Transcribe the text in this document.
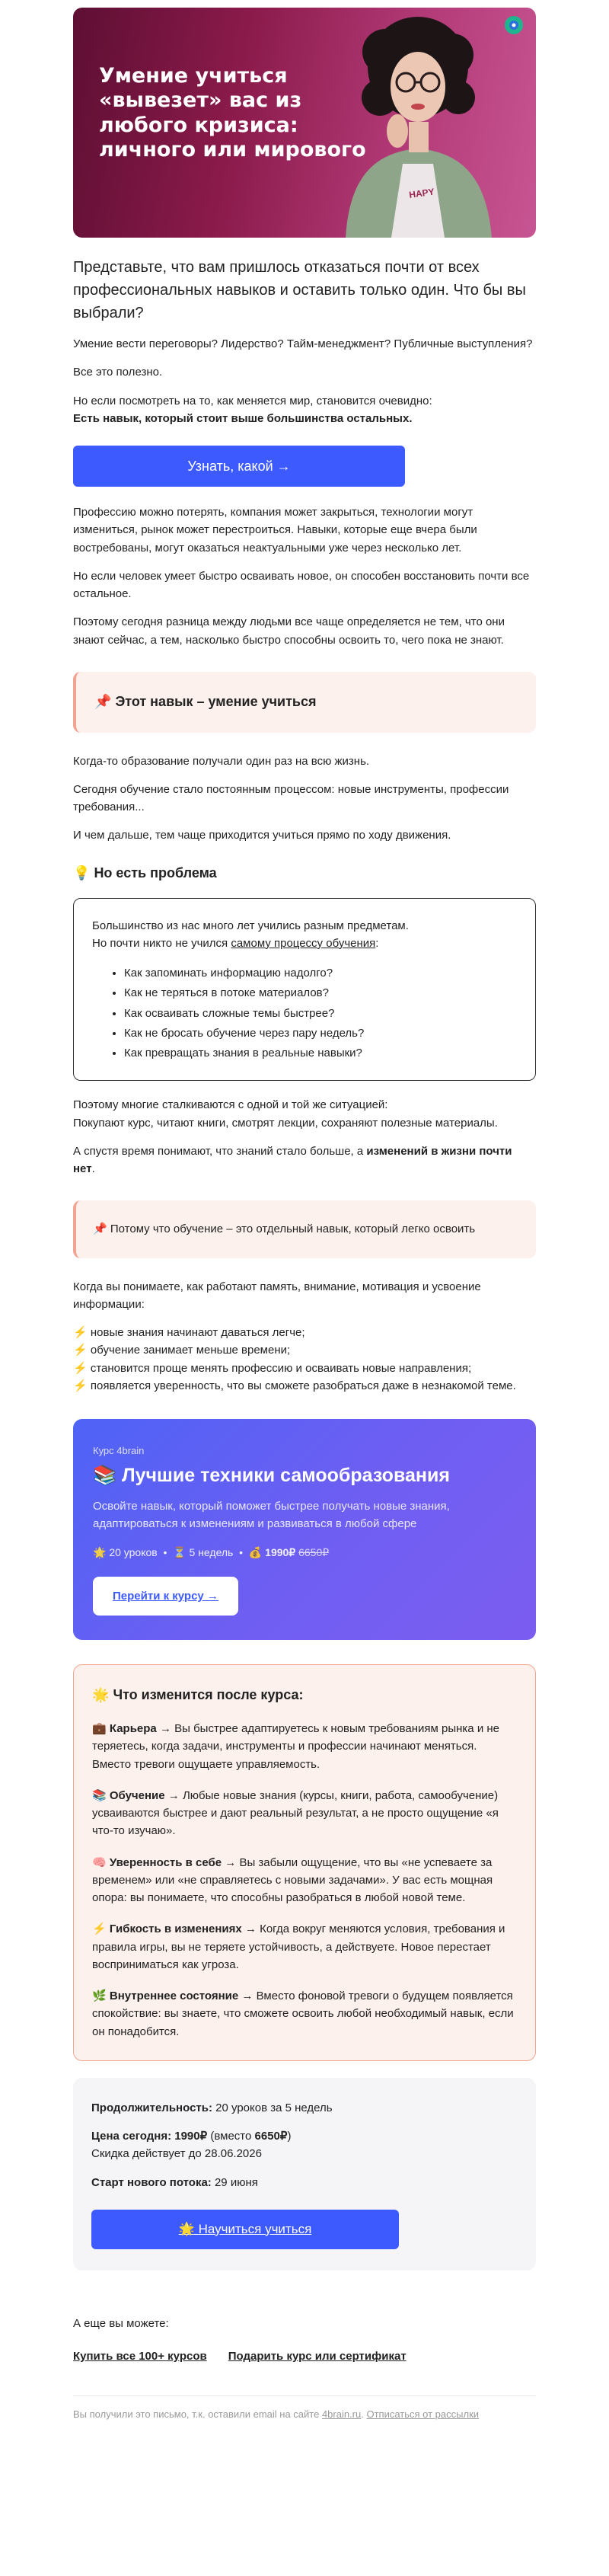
Умение учиться
«вывезет» вас из
любого кризиса:
личного или мирового
HAPY

Представьте, что вам пришлось отказаться почти от всех профессиональных навыков и оставить только один. Что бы вы выбрали?

Умение вести переговоры? Лидерство? Тайм-менеджмент? Публичные выступления?

Все это полезно.

Но если посмотреть на то, как меняется мир, становится очевидно:
Есть навык, который стоит выше большинства остальных.

Узнать, какой →

Профессию можно потерять, компания может закрыться, технологии могут измениться, рынок может перестроиться. Навыки, которые еще вчера были востребованы, могут оказаться неактуальными уже через несколько лет.

Но если человек умеет быстро осваивать новое, он способен восстановить почти все остальное.

Поэтому сегодня разница между людьми все чаще определяется не тем, что они знают сейчас, а тем, насколько быстро способны освоить то, чего пока не знают.

📌 Этот навык – умение учиться

Когда-то образование получали один раз на всю жизнь.

Сегодня обучение стало постоянным процессом: новые инструменты, профессии требования...

И чем дальше, тем чаще приходится учиться прямо по ходу движения.

💡 Но есть проблема
Большинство из нас много лет учились разным предметам.
Но почти никто не учился самому процессу обучения:
• Как запоминать информацию надолго?
• Как не теряться в потоке материалов?
• Как осваивать сложные темы быстрее?
• Как не бросать обучение через пару недель?
• Как превращать знания в реальные навыки?

Поэтому многие сталкиваются с одной и той же ситуацией:
Покупают курс, читают книги, смотрят лекции, сохраняют полезные материалы.

А спустя время понимают, что знаний стало больше, а изменений в жизни почти нет.

📌 Потому что обучение – это отдельный навык, который легко освоить

Когда вы понимаете, как работают память, внимание, мотивация и усвоение информации:

⚡ новые знания начинают даваться легче;
⚡ обучение занимает меньше времени;
⚡ становится проще менять профессию и осваивать новые направления;
⚡ появляется уверенность, что вы сможете разобраться даже в незнакомой теме.
Курс 4brain
📚 Лучшие техники самообразования
Освойте навык, который поможет быстрее получать новые знания, адаптироваться к изменениям и развиваться в любой сфере
🌟 20 уроков  •  ⏳ 5 недель  •  💰 1990₽ 6650₽
Перейти к курсу →
🌟 Что изменится после курса:
💼 Карьера → Вы быстрее адаптируетесь к новым требованиям рынка и не теряетесь, когда задачи, инструменты и профессии начинают меняться. Вместо тревоги ощущаете управляемость.
📚 Обучение → Любые новые знания (курсы, книги, работа, самообучение) усваиваются быстрее и дают реальный результат, а не просто ощущение «я что-то изучаю».
🧠 Уверенность в себе → Вы забыли ощущение, что вы «не успеваете за временем» или «не справляетесь с новыми задачами». У вас есть мощная опора: вы понимаете, что способны разобраться в любой новой теме.
⚡ Гибкость в изменениях → Когда вокруг меняются условия, требования и правила игры, вы не теряете устойчивость, а действуете. Новое перестает восприниматься как угроза.
🌿 Внутреннее состояние → Вместо фоновой тревоги о будущем появляется спокойствие: вы знаете, что сможете освоить любой необходимый навык, если он понадобится.
Продолжительность: 20 уроков за 5 недель
Цена сегодня: 1990₽ (вместо 6650₽)
Скидка действует до 28.06.2026
Старт нового потока: 29 июня
🌟 Научиться учиться

А еще вы можете:

Купить все 100+ курсов Подарить курс или сертификат
Вы получили это письмо, т.к. оставили email на сайте 4brain.ru. Отписаться от рассылки
